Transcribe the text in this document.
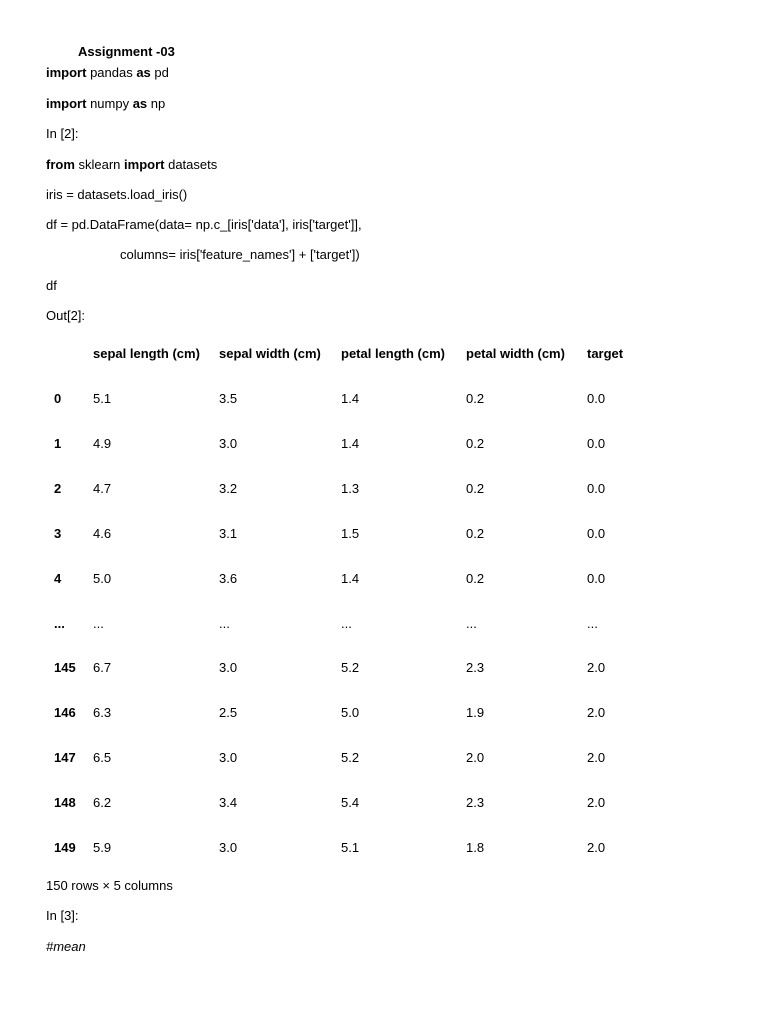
Assignment -03
import pandas as pd
import numpy as np
In [2]:
from sklearn import datasets
iris = datasets.load_iris()
df = pd.DataFrame(data= np.c_[iris['data'], iris['target']],
columns= iris['feature_names'] + ['target'])
df
Out[2]:
sepal length (cm) sepal width (cm) petal length (cm) petal width (cm) target
0 5.1	3.5	1.4	0.2	0.0
1 4.9	3.0	1.4	0.2	0.0
2 4.7	3.2	1.3	0.2	0.0
3 4.6	3.1	1.5	0.2	0.0
4 5.0	3.6	1.4	0.2	0.0
... ...	...	...	...	...
145 6.7	3.0	5.2	2.3	2.0
146 6.3	2.5	5.0	1.9	2.0
147 6.5	3.0	5.2	2.0	2.0
148 6.2	3.4	5.4	2.3	2.0
149 5.9	3.0	5.1	1.8	2.0
150 rows × 5 columns
In [3]:
#mean
